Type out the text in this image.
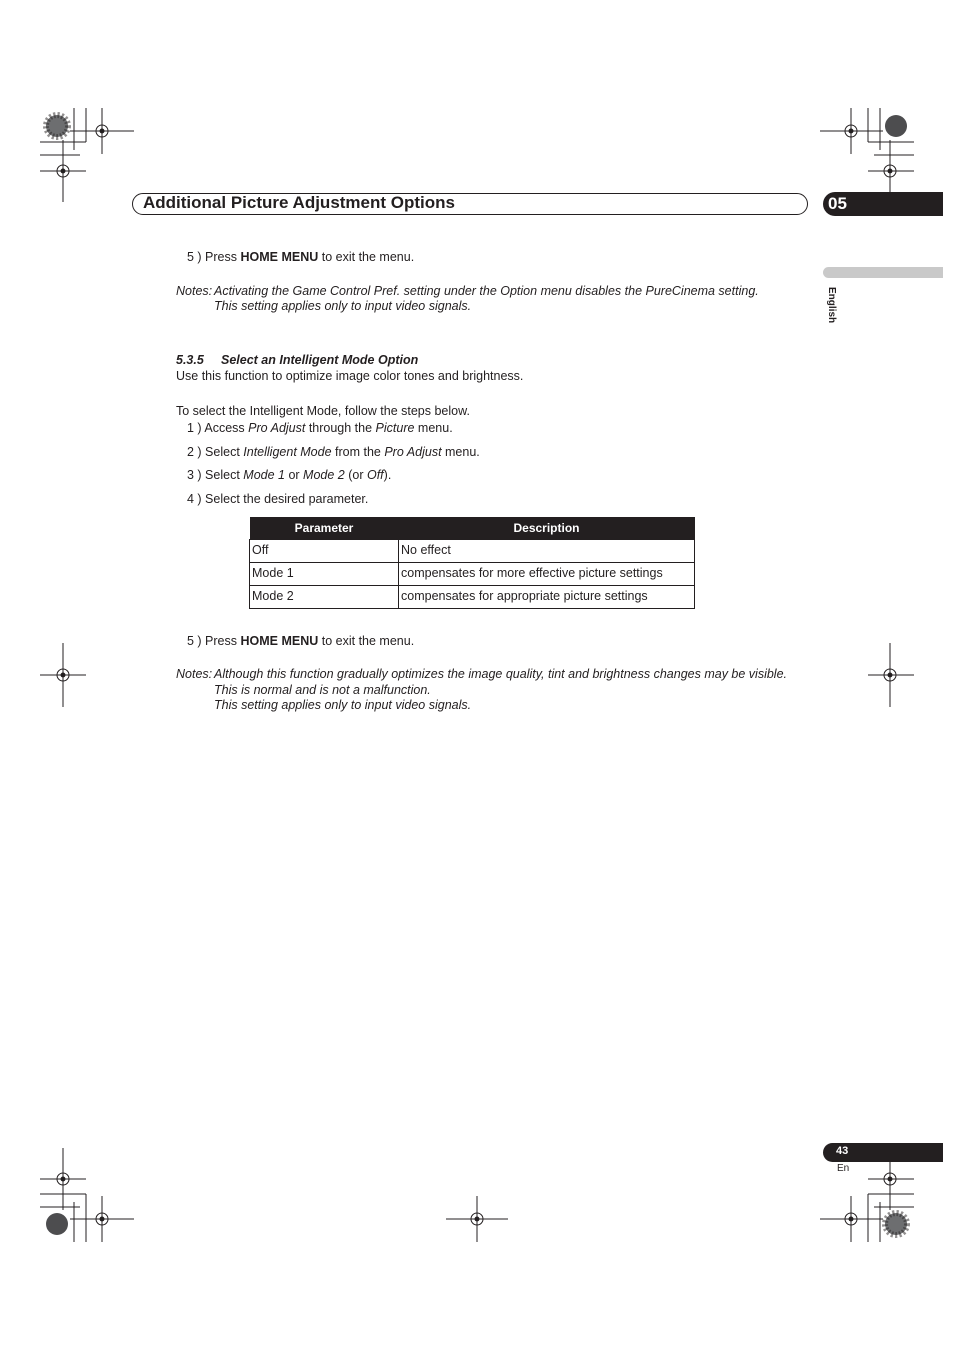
Additional Picture Adjustment Options	05
English
5 ) Press HOME MENU to exit the menu.
Notes: Activating the Game Control Pref. setting under the Option menu disables the PureCinema setting.
This setting applies only to input video signals.
5.3.5 Select an Intelligent Mode Option
Use this function to optimize image color tones and brightness.
To select the Intelligent Mode, follow the steps below.
1 ) Access Pro Adjust through the Picture menu.
2 ) Select Intelligent Mode from the Pro Adjust menu.
3 ) Select Mode 1 or Mode 2 (or Off).
4 ) Select the desired parameter.
Parameter	Description
Off	No effect
Mode 1	compensates for more effective picture settings
Mode 2	compensates for appropriate picture settings
5 ) Press HOME MENU to exit the menu.
Notes: Although this function gradually optimizes the image quality, tint and brightness changes may be visible.
This is normal and is not a malfunction.
This setting applies only to input video signals.
43
En
